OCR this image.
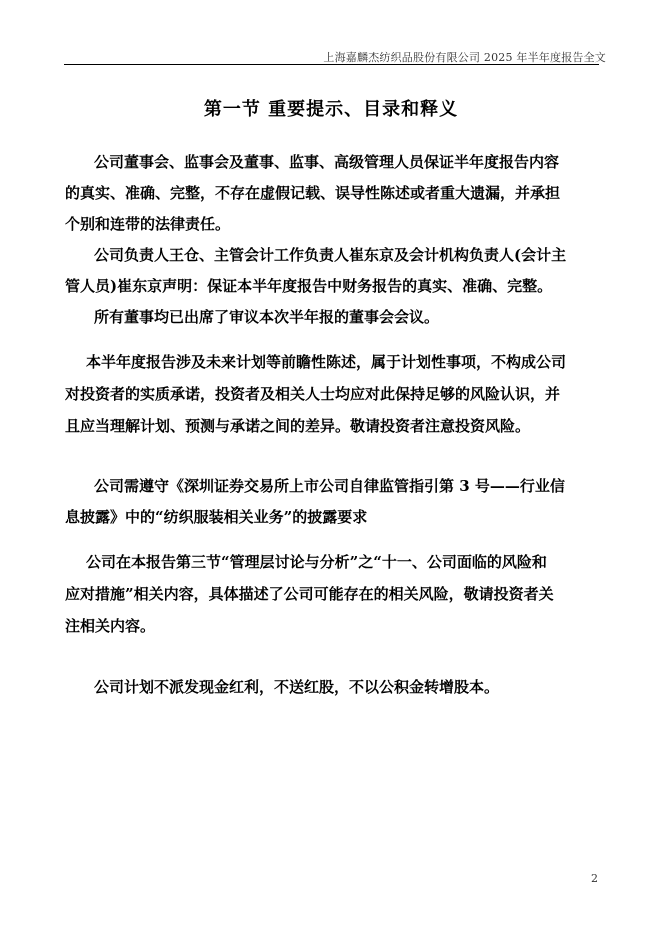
上海嘉麟杰纺织品股份有限公司 2025 年半年度报告全文
第一节 重要提示、目录和释义
公司董事会、监事会及董事、监事、高级管理人员保证半年度报告内容
的真实、准确、完整，不存在虚假记载、误导性陈述或者重大遗漏，并承担
个别和连带的法律责任。
公司负责人王仓、主管会计工作负责人崔东京及会计机构负责人(会计主
管人员)崔东京声明：保证本半年度报告中财务报告的真实、准确、完整。
所有董事均已出席了审议本次半年报的董事会会议。
本半年度报告涉及未来计划等前瞻性陈述，属于计划性事项，不构成公司
对投资者的实质承诺，投资者及相关人士均应对此保持足够的风险认识，并
且应当理解计划、预测与承诺之间的差异。敬请投资者注意投资风险。
公司需遵守《深圳证券交易所上市公司自律监管指引第 3 号——行业信
息披露》中的“纺织服装相关业务”的披露要求
公司在本报告第三节“管理层讨论与分析”之“十一、公司面临的风险和
应对措施”相关内容，具体描述了公司可能存在的相关风险，敬请投资者关
注相关内容。
公司计划不派发现金红利，不送红股，不以公积金转增股本。
2
